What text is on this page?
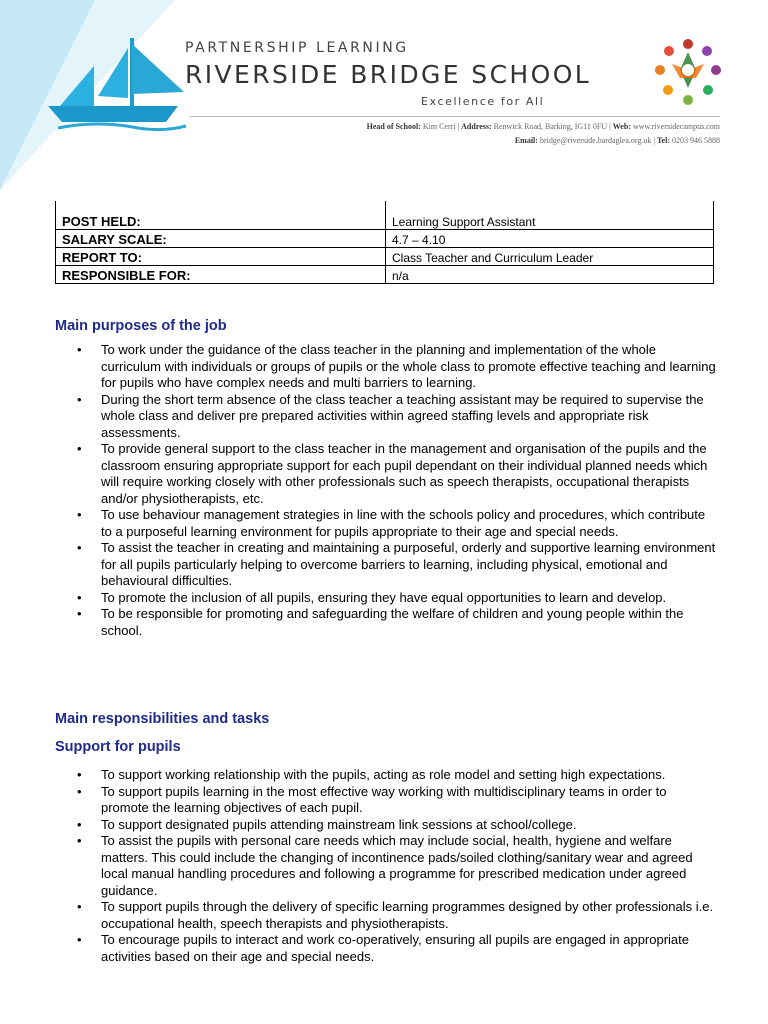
PARTNERSHIP LEARNING
RIVERSIDE BRIDGE SCHOOL
Excellence for All
Head of School: Kim Cerri | Address: Renwick Road, Barking, IG11 0FU | Web: www.riversidecampus.com
Email: bridge@riverside.bardaglea.org.uk | Tel: 0203 946 5888
POST HELD:	Learning Support Assistant
SALARY SCALE:	4.7 – 4.10
REPORT TO:	Class Teacher and Curriculum Leader
RESPONSIBLE FOR:	n/a
Main purposes of the job
• To work under the guidance of the class teacher in the planning and implementation of the whole curriculum with individuals or groups of pupils or the whole class to promote effective teaching and learning for pupils who have complex needs and multi barriers to learning.
• During the short term absence of the class teacher a teaching assistant may be required to supervise the whole class and deliver pre prepared activities within agreed staffing levels and appropriate risk assessments.
• To provide general support to the class teacher in the management and organisation of the pupils and the classroom ensuring appropriate support for each pupil dependant on their individual planned needs which will require working closely with other professionals such as speech therapists, occupational therapists and/or physiotherapists, etc.
• To use behaviour management strategies in line with the schools policy and procedures, which contribute to a purposeful learning environment for pupils appropriate to their age and special needs.
• To assist the teacher in creating and maintaining a purposeful, orderly and supportive learning environment for all pupils particularly helping to overcome barriers to learning, including physical, emotional and behavioural difficulties.
• To promote the inclusion of all pupils, ensuring they have equal opportunities to learn and develop.
• To be responsible for promoting and safeguarding the welfare of children and young people within the school.
Main responsibilities and tasks
Support for pupils
• To support working relationship with the pupils, acting as role model and setting high expectations.
• To support pupils learning in the most effective way working with multidisciplinary teams in order to promote the learning objectives of each pupil.
• To support designated pupils attending mainstream link sessions at school/college.
• To assist the pupils with personal care needs which may include social, health, hygiene and welfare matters. This could include the changing of incontinence pads/soiled clothing/sanitary wear and agreed local manual handling procedures and following a programme for prescribed medication under agreed guidance.
• To support pupils through the delivery of specific learning programmes designed by other professionals i.e. occupational health, speech therapists and physiotherapists.
• To encourage pupils to interact and work co-operatively, ensuring all pupils are engaged in appropriate activities based on their age and special needs.
